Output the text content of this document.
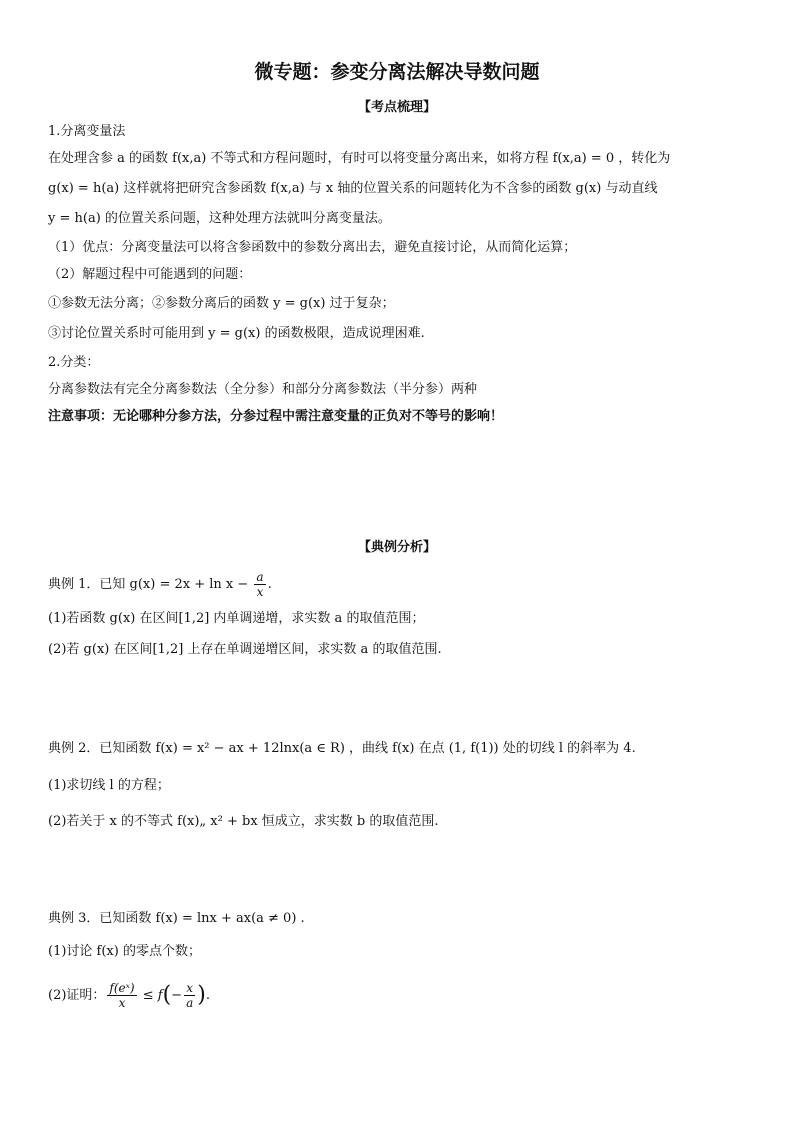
微专题：参变分离法解决导数问题
【考点梳理】
1.分离变量法
在处理含参 a 的函数 f(x,a) 不等式和方程问题时，有时可以将变量分离出来，如将方程 f(x,a) = 0 ，转化为
g(x) = h(a) 这样就将把研究含参函数 f(x,a) 与 x 轴的位置关系的问题转化为不含参的函数 g(x) 与动直线
y = h(a) 的位置关系问题，这种处理方法就叫分离变量法。
（1）优点：分离变量法可以将含参函数中的参数分离出去，避免直接讨论，从而简化运算；
（2）解题过程中可能遇到的问题：
①参数无法分离；②参数分离后的函数 y = g(x) 过于复杂；
③讨论位置关系时可能用到 y = g(x) 的函数极限，造成说理困难.
2.分类：
分离参数法有完全分离参数法（全分参）和部分分离参数法（半分参）两种
注意事项：无论哪种分参方法，分参过程中需注意变量的正负对不等号的影响！
【典例分析】
典例 1．已知 $g(x) = 2x + \ln x - \frac{a}{x}$ .
(1)若函数 g(x) 在区间[1,2] 内单调递增，求实数 a 的取值范围；
(2)若 g(x) 在区间[1,2] 上存在单调递增区间，求实数 a 的取值范围.
典例 2．已知函数 f(x) = x² − ax + 12lnx(a ∈ R) ，曲线 f(x) 在点 (1, f(1)) 处的切线 l 的斜率为 4.
(1)求切线 l 的方程；
(2)若关于 x 的不等式 f(x)„ x² + bx 恒成立，求实数 b 的取值范围.
典例 3．已知函数 f(x) = lnx + ax(a ≠ 0) .
(1)讨论 f(x) 的零点个数；
(2)证明： $\frac{\text{f(eˣ)}}{x} \le f(- \frac{x}{a}$ ).
